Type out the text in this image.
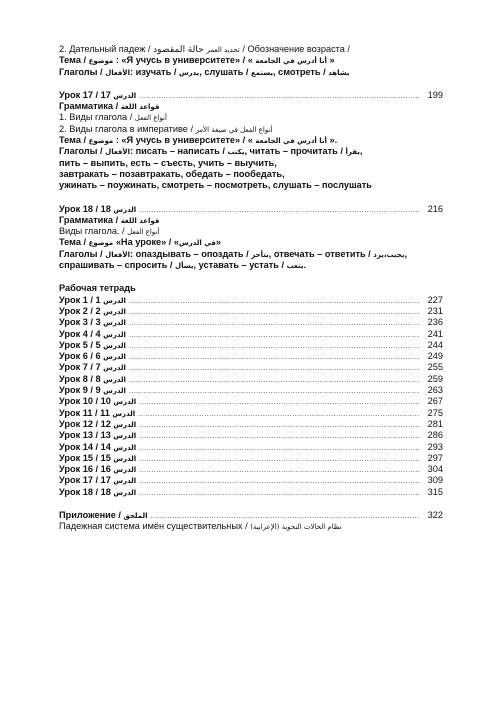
2. Дательный падеж /	تحديد العمر حالة المقصود / Обозначение возраста /
Тема / موضوع : «Я учусь в университете» / « أنا أدرس في الجامعة »
Глаголы / الأفعال: изучать / يدرس, слушать / يستمع, смотреть / يشاهد
Урок 17 / 17 الدرس .....	199
Грамматика / قواعد اللغة
1. Виды глагола / أنواع الفعل
2. Виды глагола в императиве / أنواع الفعل في صيغة الأمر
Тема / موضوع : «Я учусь в университете» / « أنا أدرس في الجامعة ».
Глаголы / الأفعال: писать – написать / يكتب, читать – прочитать / يقرأ,
пить – выпить, есть – съесть, учить – выучить,
завтракать – позавтракать, обедать – пообедать,
ужинать – поужинать, смотреть – посмотреть, слушать – послушать
Урок 18 / 18 الدرس .....	216
Грамматика / قواعد اللغة
Виды глагола. / أنواع الفعل
Тема / موضوع «На уроке» / «في الدرس»
Глаголы / الأفعال: опаздывать – опоздать / يتأخر, отвечать – ответить / يجيب،يرد,
спрашивать – спросить / يسأل, уставать – устать / يتعب.
Рабочая тетрадь
Урок 1 / 1 الدرس .....	227
Урок 2 / 2 الدرس .....	231
Урок 3 / 3 الدرس .....	236
Урок 4 / 4 الدرس .....	241
Урок 5 / 5 الدرس .....	244
Урок 6 / 6 الدرس .....	249
Урок 7 / 7 الدرس .....	255
Урок 8 / 8 الدرس .....	259
Урок 9 / 9 الدرس .....	263
Урок 10 / 10 الدرس .....	267
Урок 11 / 11 الدرس .....	275
Урок 12 / 12 الدرس .....	281
Урок 13 / 13 الدرس .....	286
Урок 14 / 14 الدرس .....	293
Урок 15 / 15 الدرس .....	297
Урок 16 / 16 الدرس .....	304
Урок 17 / 17 الدرس .....	309
Урок 18 / 18 الدرس .....	315
Приложение / الملحق .....	322
Падежная система имён существительных / نظام الحالات النحوية (الإعرابية)
